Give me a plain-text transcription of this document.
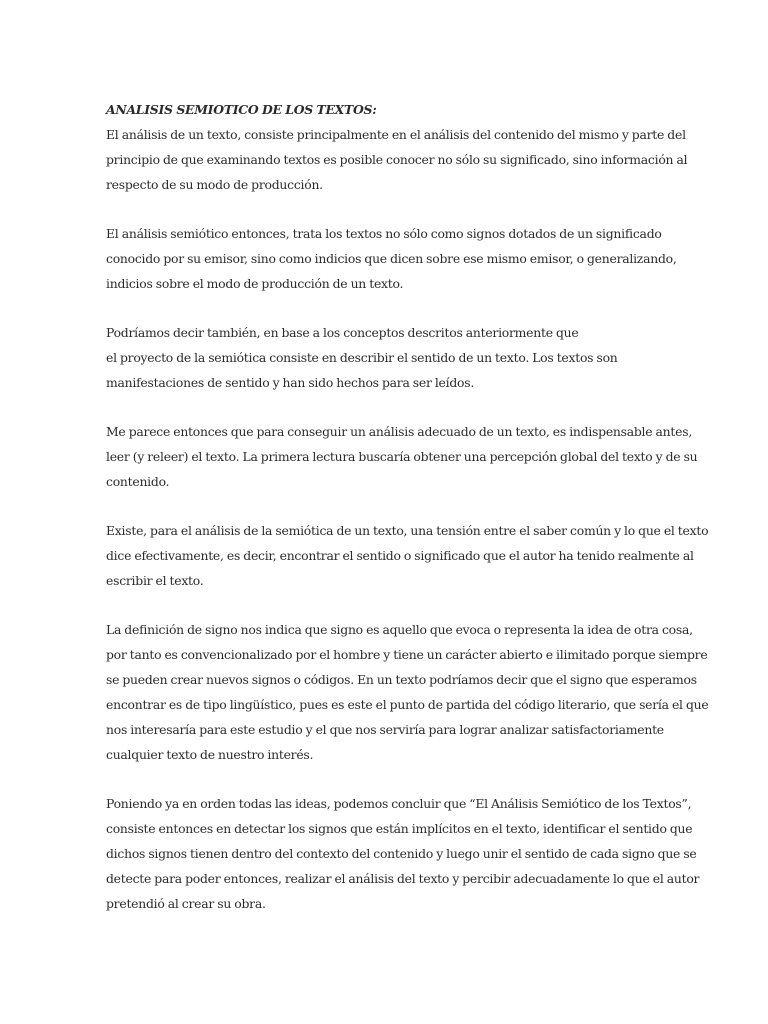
ANALISIS SEMIOTICO DE LOS TEXTOS:

El análisis de un texto, consiste principalmente en el análisis del contenido del mismo y parte del
principio de que examinando textos es posible conocer no sólo su significado, sino información al
respecto de su modo de producción.

El análisis semiótico entonces, trata los textos no sólo como signos dotados de un significado
conocido por su emisor, sino como indicios que dicen sobre ese mismo emisor, o generalizando,
indicios sobre el modo de producción de un texto.

Podríamos decir también, en base a los conceptos descritos anteriormente que
el proyecto de la semiótica consiste en describir el sentido de un texto. Los textos son
manifestaciones de sentido y han sido hechos para ser leídos.

Me parece entonces que para conseguir un análisis adecuado de un texto, es indispensable antes,
leer (y releer) el texto. La primera lectura buscaría obtener una percepción global del texto y de su
contenido.

Existe, para el análisis de la semiótica de un texto, una tensión entre el saber común y lo que el texto
dice efectivamente, es decir, encontrar el sentido o significado que el autor ha tenido realmente al
escribir el texto.

La definición de signo nos indica que signo es aquello que evoca o representa la idea de otra cosa,
por tanto es convencionalizado por el hombre y tiene un carácter abierto e ilimitado porque siempre
se pueden crear nuevos signos o códigos. En un texto podríamos decir que el signo que esperamos
encontrar es de tipo lingüístico, pues es este el punto de partida del código literario, que sería el que
nos interesaría para este estudio y el que nos serviría para lograr analizar satisfactoriamente
cualquier texto de nuestro interés.

Poniendo ya en orden todas las ideas, podemos concluir que “El Análisis Semiótico de los Textos”,
consiste entonces en detectar los signos que están implícitos en el texto, identificar el sentido que
dichos signos tienen dentro del contexto del contenido y luego unir el sentido de cada signo que se
detecte para poder entonces, realizar el análisis del texto y percibir adecuadamente lo que el autor
pretendió al crear su obra.
